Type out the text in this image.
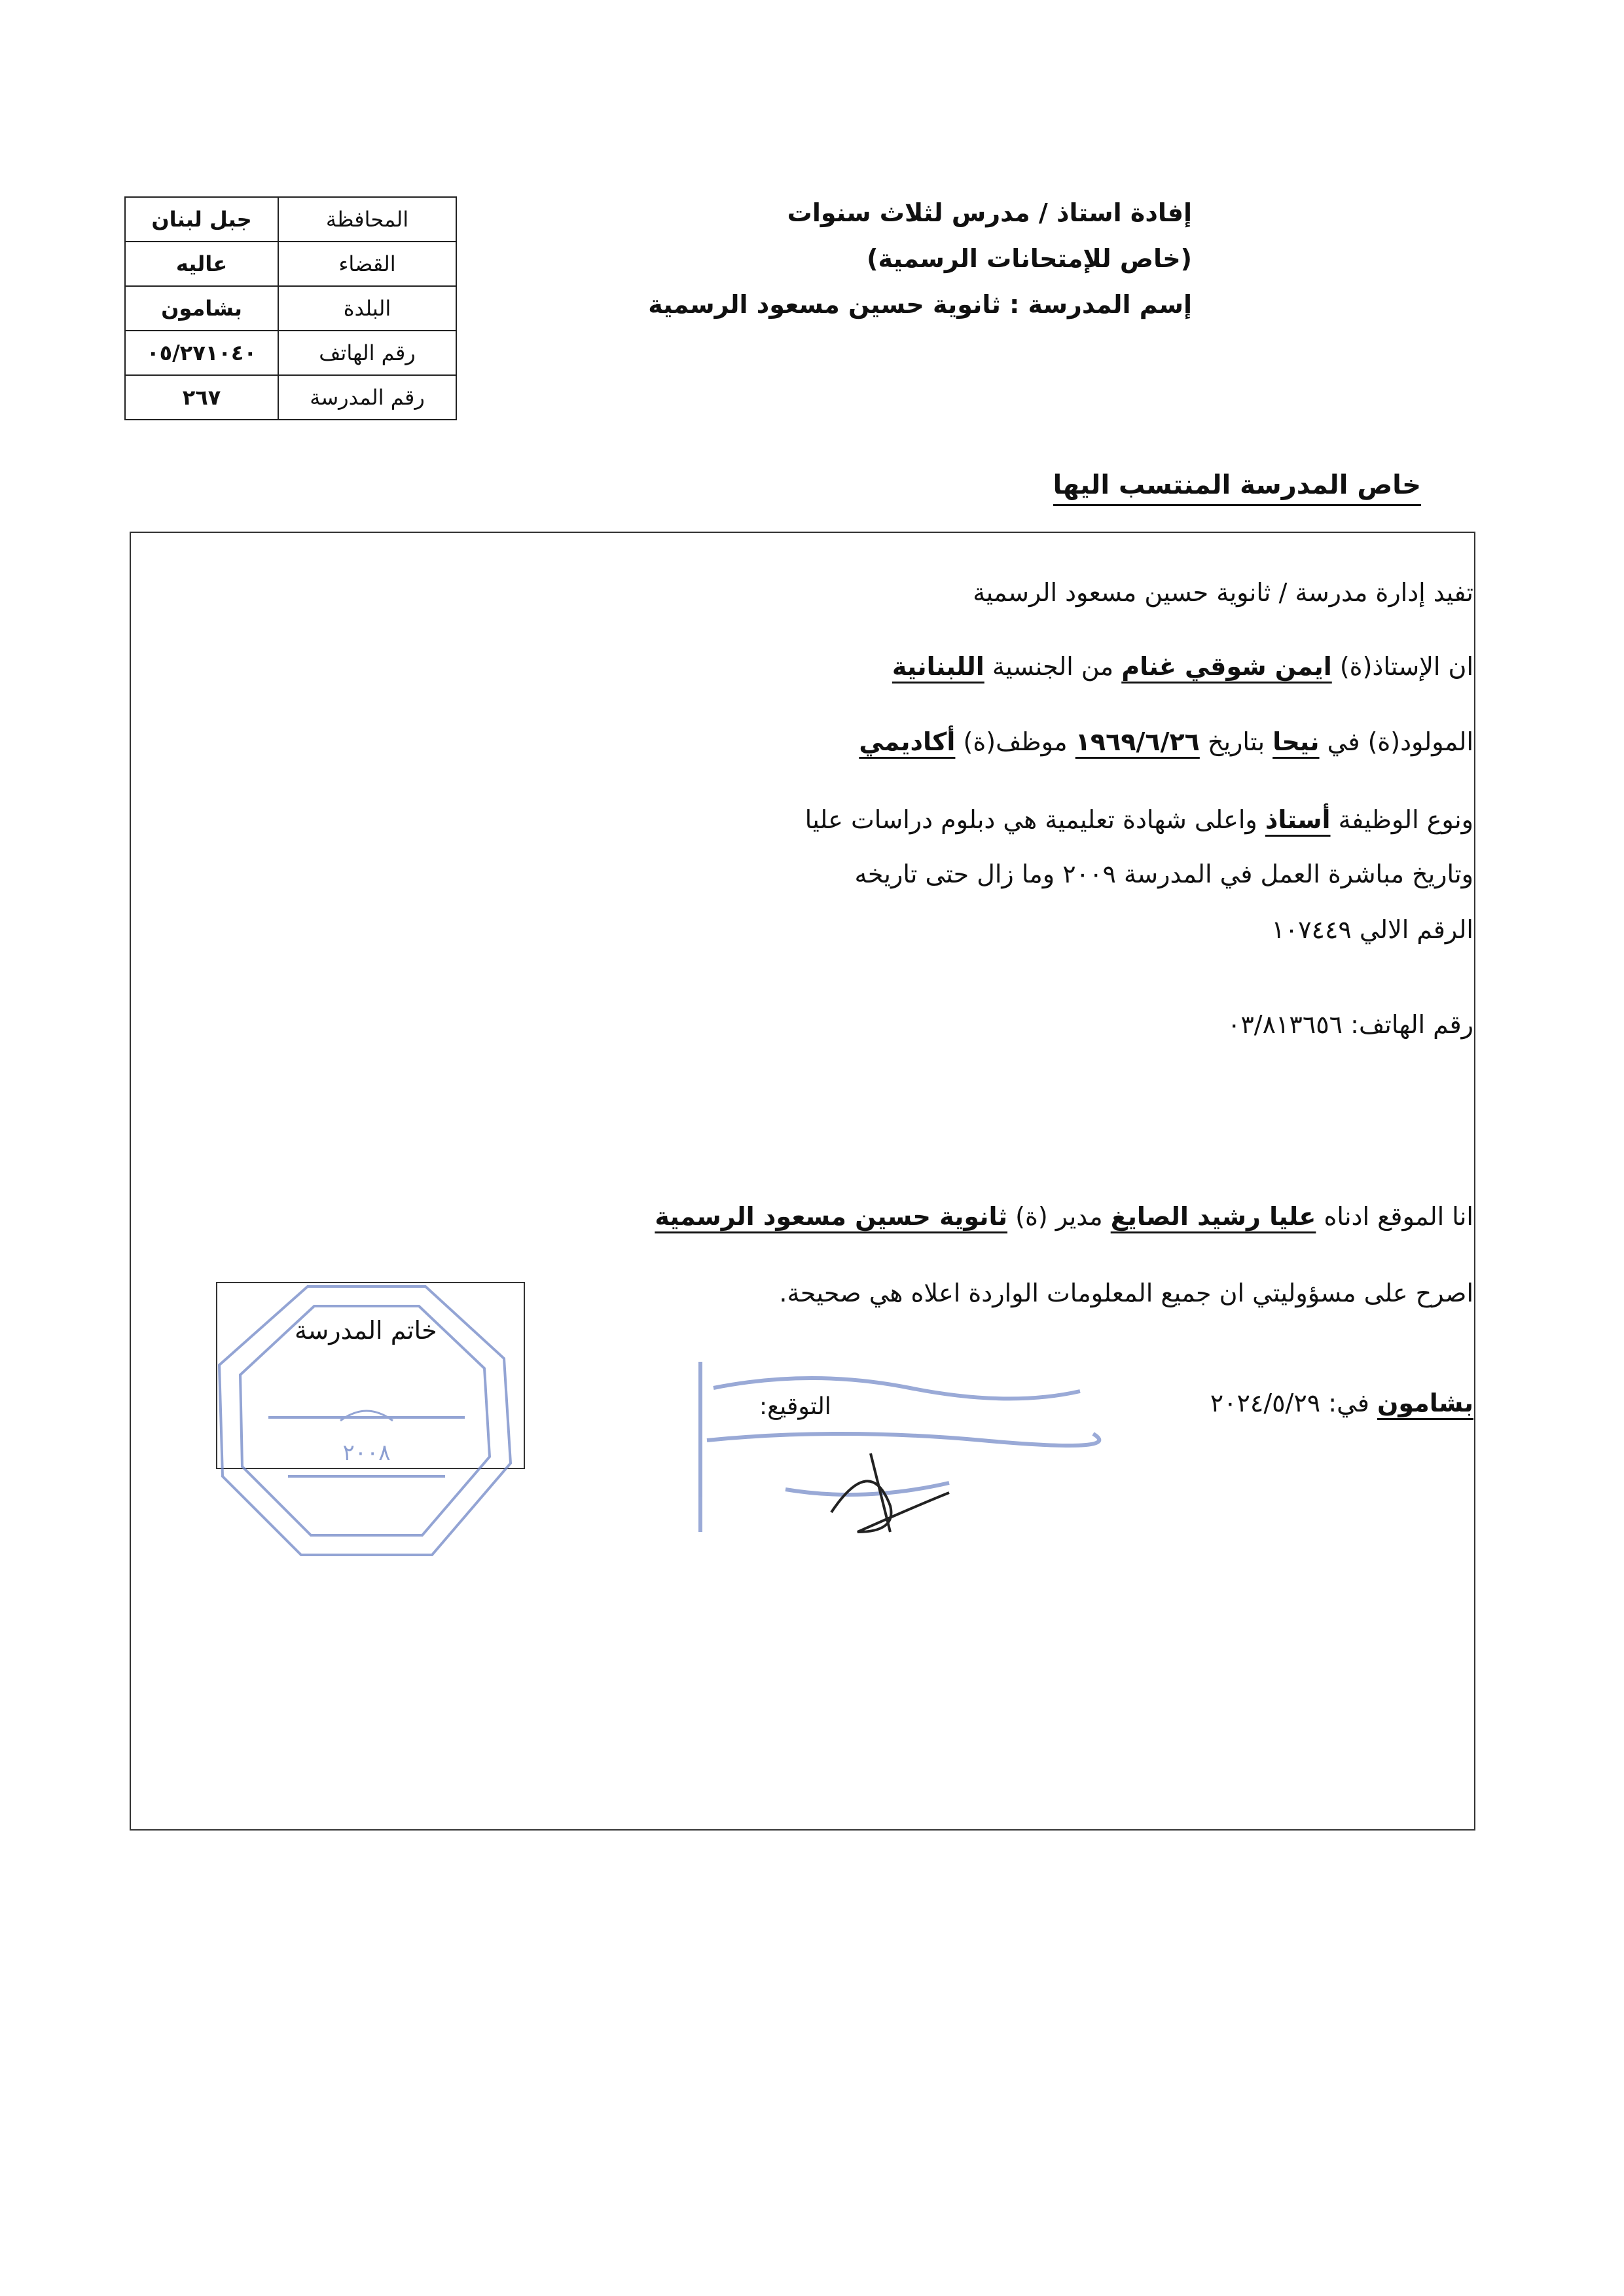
إفادة استاذ / مدرس لثلاث سنوات
(خاص للإمتحانات الرسمية)
إسم المدرسة : ثانوية حسين مسعود الرسمية
المحافظة	جبل لبنان
القضاء	عاليه
البلدة	بشامون
رقم الهاتف	٠٥/٢٧١٠٤٠
رقم المدرسة	٢٦٧
خاص المدرسة المنتسب اليها
تفيد إدارة مدرسة / ثانوية حسين مسعود الرسمية
ان الإستاذ(ة) ايمن شوقي غنام من الجنسية اللبنانية
المولود(ة) في نيحا بتاريخ ١٩٦٩/٦/٢٦ موظف(ة) أكاديمي
ونوع الوظيفة أستاذ واعلى شهادة تعليمية هي دبلوم دراسات عليا
وتاريخ مباشرة العمل في المدرسة ٢٠٠٩ وما زال حتى تاريخه
الرقم الالي ١٠٧٤٤٩
رقم الهاتف: ٠٣/٨١٣٦٥٦
انا الموقع ادناه عليا رشيد الصايغ مدير (ة) ثانوية حسين مسعود الرسمية
اصرح على مسؤوليتي ان جميع المعلومات الواردة اعلاه هي صحيحة.
بشامون في: ٢٠٢٤/٥/٢٩
٢٠٠٨
خاتم المدرسة
التوقيع:
